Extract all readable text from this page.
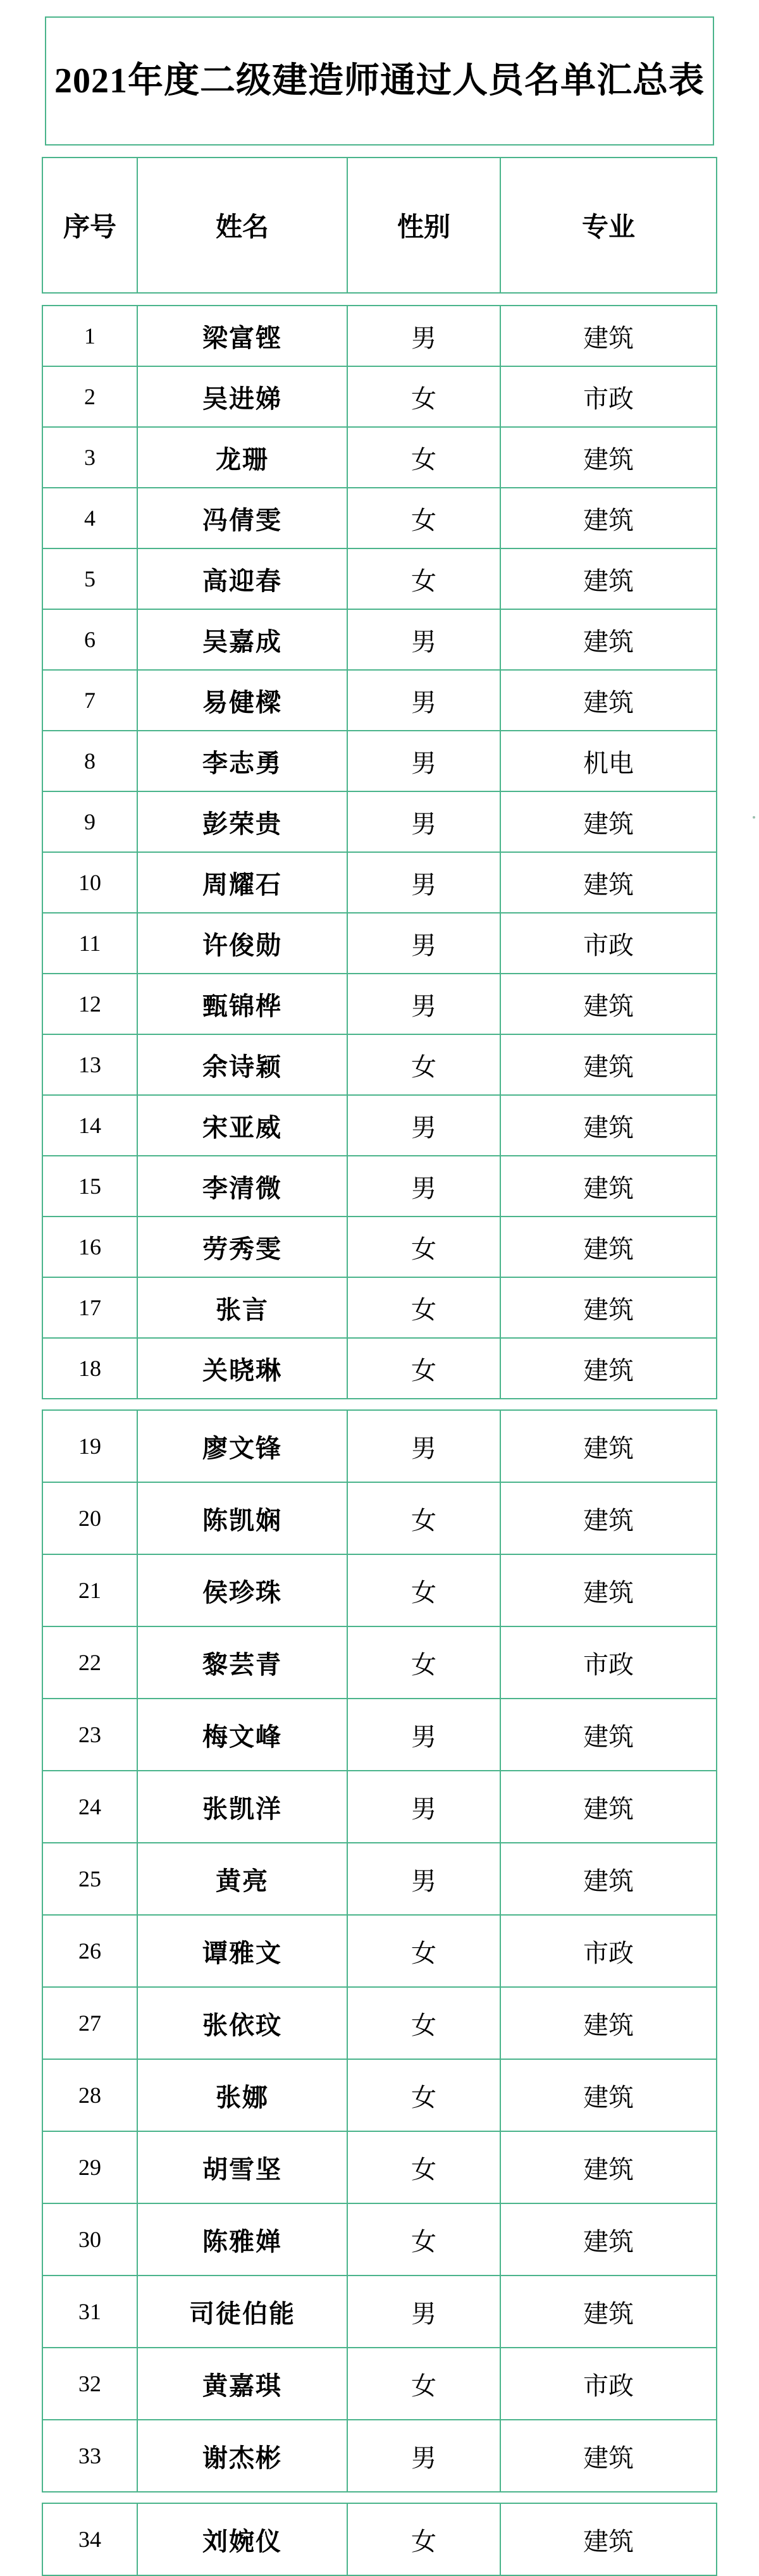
2021年度二级建造师通过人员名单汇总表
序号	姓名	性别	专业
1	梁富铿	男	建筑
2	吴进娣	女	市政
3	龙珊	女	建筑
4	冯倩雯	女	建筑
5	高迎春	女	建筑
6	吴嘉成	男	建筑
7	易健樑	男	建筑
8	李志勇	男	机电
9	彭荣贵	男	建筑
10	周耀石	男	建筑
11	许俊勋	男	市政
12	甄锦桦	男	建筑
13	余诗颖	女	建筑
14	宋亚威	男	建筑
15	李清微	男	建筑
16	劳秀雯	女	建筑
17	张言	女	建筑
18	关晓琳	女	建筑
19	廖文锋	男	建筑
20	陈凯娴	女	建筑
21	侯珍珠	女	建筑
22	黎芸青	女	市政
23	梅文峰	男	建筑
24	张凯洋	男	建筑
25	黄亮	男	建筑
26	谭雅文	女	市政
27	张依玟	女	建筑
28	张娜	女	建筑
29	胡雪坚	女	建筑
30	陈雅婵	女	建筑
31	司徒伯能	男	建筑
32	黄嘉琪	女	市政
33	谢杰彬	男	建筑
34	刘婉仪	女	建筑
